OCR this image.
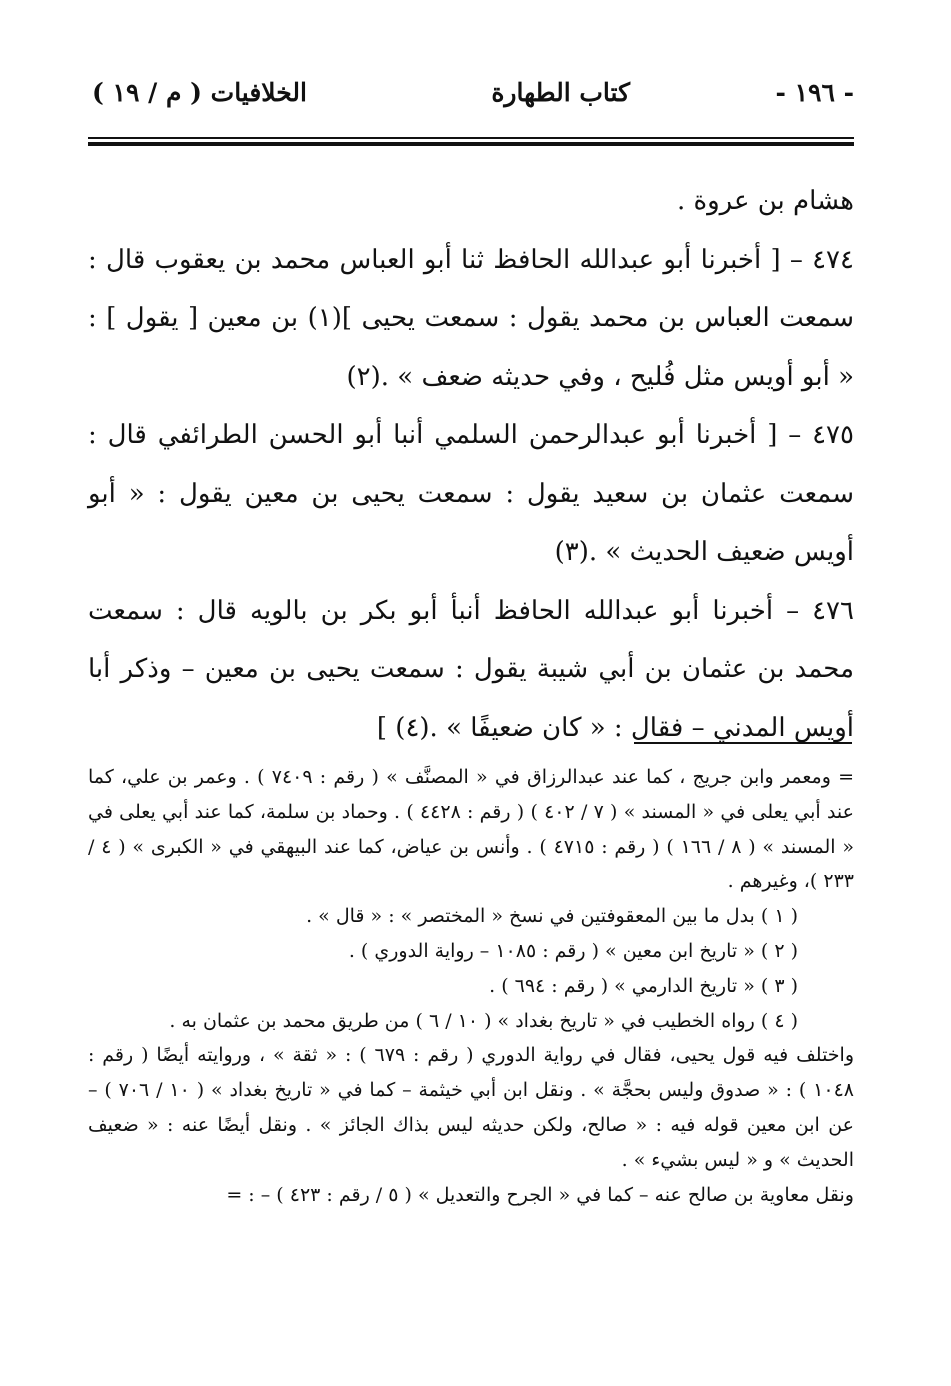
- ١٩٦ -
كتاب الطهارة
الخلافيات ( م / ١٩ )

هشام بن عروة .

٤٧٤ – [ أخبرنا أبو عبدالله الحافظ ثنا أبو العباس محمد بن يعقوب قال : سمعت العباس بن محمد يقول : سمعت يحيى ](١) بن معين [ يقول ] : « أبو أويس مثل فُليح ، وفي حديثه ضعف » .(٢)

٤٧٥ – [ أخبرنا أبو عبدالرحمن السلمي أنبا أبو الحسن الطرائفي قال : سمعت عثمان بن سعيد يقول : سمعت يحيى بن معين يقول : « أبو أويس ضعيف الحديث » .(٣)

٤٧٦ – أخبرنا أبو عبدالله الحافظ أنبأ أبو بكر بن بالويه قال : سمعت محمد بن عثمان بن أبي شيبة يقول : سمعت يحيى بن معين – وذكر أبا أويس المدني – فقال : « كان ضعيفًا » .(٤) ]

= ومعمر وابن جريج ، كما عند عبدالرزاق في « المصنَّف » ( رقم : ٧٤٠٩ ) . وعمر بن علي، كما عند أبي يعلى في « المسند » ( ٧ / ٤٠٢ ) ( رقم : ٤٤٢٨ ) . وحماد بن سلمة، كما عند أبي يعلى في « المسند » ( ٨ / ١٦٦ ) ( رقم : ٤٧١٥ ) . وأنس بن عياض، كما عند البيهقي في « الكبرى » ( ٤ / ٢٣٣ )، وغيرهم .

( ١ ) بدل ما بين المعقوفتين في نسخ « المختصر » : « قال » .

( ٢ ) « تاريخ ابن معين » ( رقم : ١٠٨٥ – رواية الدوري ) .

( ٣ ) « تاريخ الدارمي » ( رقم : ٦٩٤ ) .

( ٤ ) رواه الخطيب في « تاريخ بغداد » ( ١٠ / ٦ ) من طريق محمد بن عثمان به .

واختلف فيه قول يحيى، فقال في رواية الدوري ( رقم : ٦٧٩ ) : « ثقة » ، وروايته أيضًا ( رقم : ١٠٤٨ ) : « صدوق وليس بحجَّة » . ونقل ابن أبي خيثمة – كما في « تاريخ بغداد » ( ١٠ / ٧٠٦ ) – عن ابن معين قوله فيه : « صالح، ولكن حديثه ليس بذاك الجائز » . ونقل أيضًا عنه : « ضعيف الحديث » و « ليس بشيء » .

ونقل معاوية بن صالح عنه – كما في « الجرح والتعديل » ( ٥ / رقم : ٤٢٣ ) – : =
